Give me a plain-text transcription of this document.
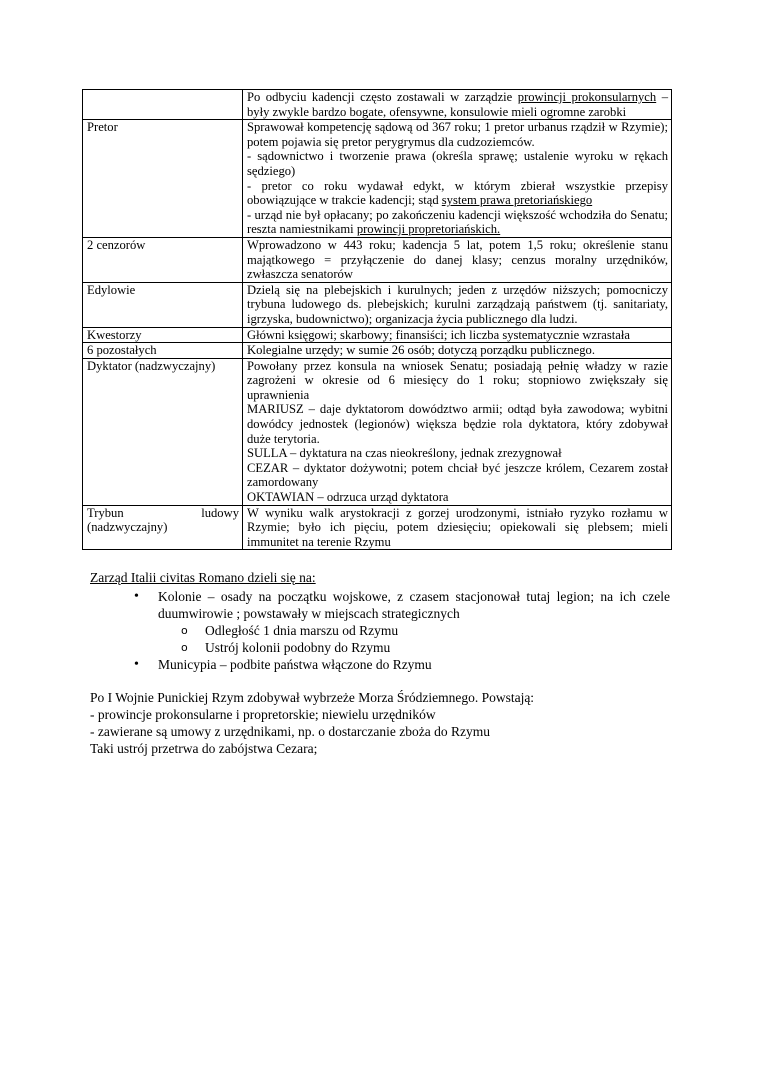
	Po odbyciu kadencji często zostawali w zarządzie prowincji prokonsularnych – były zwykle bardzo bogate, ofensywne, konsulowie mieli ogromne zarobki

Pretor	Sprawował kompetencję sądową od 367 roku; 1 pretor urbanus rządził w Rzymie); potem pojawia się pretor perygrymus dla cudzoziemców.
- sądownictwo i tworzenie prawa (określa sprawę; ustalenie wyroku w rękach sędziego)
- pretor co roku wydawał edykt, w którym zbierał wszystkie przepisy obowiązujące w trakcie kadencji; stąd system prawa pretoriańskiego
- urząd nie był opłacany; po zakończeniu kadencji większość wchodziła do Senatu; reszta namiestnikami prowincji propretoriańskich.

2 cenzorów	Wprowadzono w 443 roku; kadencja 5 lat, potem 1,5 roku; określenie stanu majątkowego = przyłączenie do danej klasy; cenzus moralny urzędników, zwłaszcza senatorów

Edylowie	Dzielą się na plebejskich i kurulnych; jeden z urzędów niższych; pomocniczy trybuna ludowego ds. plebejskich; kurulni zarządzają państwem (tj. sanitariaty, igrzyska, budownictwo); organizacja życia publicznego dla ludzi.

Kwestorzy	Główni księgowi; skarbowy; finansiści; ich liczba systematycznie wzrastała

6 pozostałych	Kolegialne urzędy; w sumie 26 osób; dotyczą porządku publicznego.

Dyktator (nadzwyczajny)	Powołany przez konsula na wniosek Senatu; posiadają pełnię władzy w razie zagrożeni w okresie od 6 miesięcy do 1 roku; stopniowo zwiększały się uprawnienia
MARIUSZ – daje dyktatorom dowództwo armii; odtąd była zawodowa; wybitni dowódcy jednostek (legionów) większa będzie rola dyktatora, który zdobywał duże terytoria.
SULLA – dyktatura na czas nieokreślony, jednak zrezygnował
CEZAR – dyktator dożywotni; potem chciał być jeszcze królem, Cezarem został zamordowany
OKTAWIAN – odrzuca urząd dyktatora

Trybun ludowy
(nadzwyczajny)	W wyniku walk arystokracji z gorzej urodzonymi, istniało ryzyko rozłamu w Rzymie; było ich pięciu, potem dziesięciu; opiekowali się plebsem; mieli immunitet na terenie Rzymu
Zarząd Italii civitas Romano dzieli się na:
• Kolonie – osady na początku wojskowe, z czasem stacjonował tutaj legion; na ich czele duumwirowie ; powstawały w miejscach strategicznych
o Odległość 1 dnia marszu od Rzymu
o Ustrój kolonii podobny do Rzymu
• Municypia – podbite państwa włączone do Rzymu
Po I Wojnie Punickiej Rzym zdobywał wybrzeże Morza Śródziemnego. Powstają:
- prowincje prokonsularne i propretorskie; niewielu urzędników
- zawierane są umowy z urzędnikami, np. o dostarczanie zboża do Rzymu
Taki ustrój przetrwa do zabójstwa Cezara;
